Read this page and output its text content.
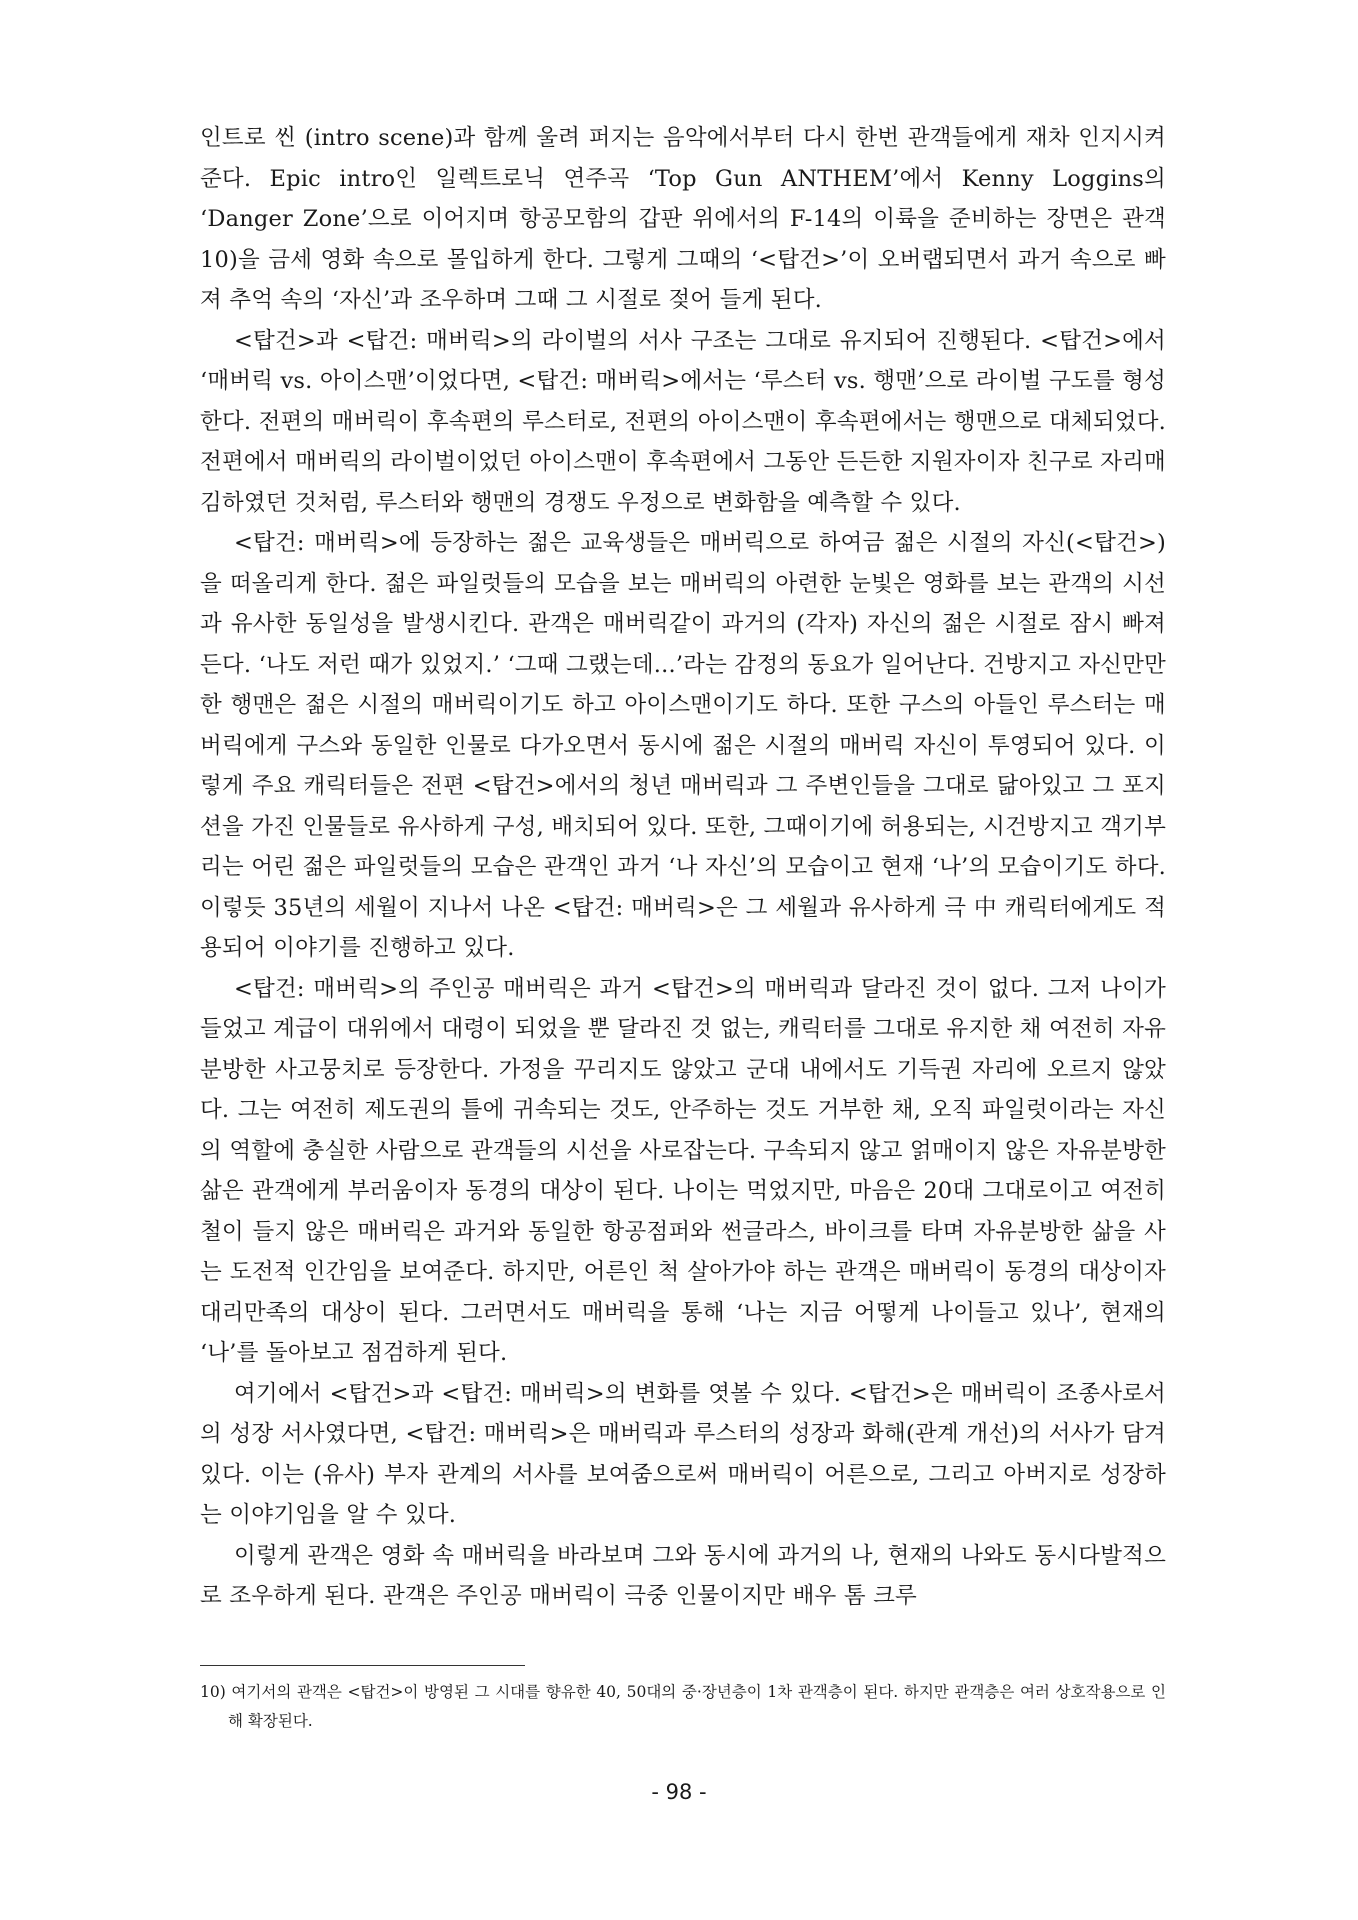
인트로 씬 (intro scene)과 함께 울려 퍼지는 음악에서부터 다시 한번 관객들에게 재차 인지시켜준다. Epic intro인 일렉트로닉 연주곡 ‘Top Gun ANTHEM’에서 Kenny Loggins의 ‘Danger Zone’으로 이어지며 항공모함의 갑판 위에서의 F-14의 이륙을 준비하는 장면은 관객10)을 금세 영화 속으로 몰입하게 한다. 그렇게 그때의 ‘<탑건>’이 오버랩되면서 과거 속으로 빠져 추억 속의 ‘자신’과 조우하며 그때 그 시절로 젖어 들게 된다.

<탑건>과 <탑건: 매버릭>의 라이벌의 서사 구조는 그대로 유지되어 진행된다. <탑건>에서 ‘매버릭 vs. 아이스맨’이었다면, <탑건: 매버릭>에서는 ‘루스터 vs. 행맨’으로 라이벌 구도를 형성한다. 전편의 매버릭이 후속편의 루스터로, 전편의 아이스맨이 후속편에서는 행맨으로 대체되었다. 전편에서 매버릭의 라이벌이었던 아이스맨이 후속편에서 그동안 든든한 지원자이자 친구로 자리매김하였던 것처럼, 루스터와 행맨의 경쟁도 우정으로 변화함을 예측할 수 있다.

<탑건: 매버릭>에 등장하는 젊은 교육생들은 매버릭으로 하여금 젊은 시절의 자신(<탑건>)을 떠올리게 한다. 젊은 파일럿들의 모습을 보는 매버릭의 아련한 눈빛은 영화를 보는 관객의 시선과 유사한 동일성을 발생시킨다. 관객은 매버릭같이 과거의 (각자) 자신의 젊은 시절로 잠시 빠져든다. ‘나도 저런 때가 있었지.’ ‘그때 그랬는데...’라는 감정의 동요가 일어난다. 건방지고 자신만만한 행맨은 젊은 시절의 매버릭이기도 하고 아이스맨이기도 하다. 또한 구스의 아들인 루스터는 매버릭에게 구스와 동일한 인물로 다가오면서 동시에 젊은 시절의 매버릭 자신이 투영되어 있다. 이렇게 주요 캐릭터들은 전편 <탑건>에서의 청년 매버릭과 그 주변인들을 그대로 닮아있고 그 포지션을 가진 인물들로 유사하게 구성, 배치되어 있다. 또한, 그때이기에 허용되는, 시건방지고 객기부리는 어린 젊은 파일럿들의 모습은 관객인 과거 ‘나 자신’의 모습이고 현재 ‘나’의 모습이기도 하다. 이렇듯 35년의 세월이 지나서 나온 <탑건: 매버릭>은 그 세월과 유사하게 극 中 캐릭터에게도 적용되어 이야기를 진행하고 있다.

<탑건: 매버릭>의 주인공 매버릭은 과거 <탑건>의 매버릭과 달라진 것이 없다. 그저 나이가 들었고 계급이 대위에서 대령이 되었을 뿐 달라진 것 없는, 캐릭터를 그대로 유지한 채 여전히 자유분방한 사고뭉치로 등장한다. 가정을 꾸리지도 않았고 군대 내에서도 기득권 자리에 오르지 않았다. 그는 여전히 제도권의 틀에 귀속되는 것도, 안주하는 것도 거부한 채, 오직 파일럿이라는 자신의 역할에 충실한 사람으로 관객들의 시선을 사로잡는다. 구속되지 않고 얽매이지 않은 자유분방한 삶은 관객에게 부러움이자 동경의 대상이 된다. 나이는 먹었지만, 마음은 20대 그대로이고 여전히 철이 들지 않은 매버릭은 과거와 동일한 항공점퍼와 썬글라스, 바이크를 타며 자유분방한 삶을 사는 도전적 인간임을 보여준다. 하지만, 어른인 척 살아가야 하는 관객은 매버릭이 동경의 대상이자 대리만족의 대상이 된다. 그러면서도 매버릭을 통해 ‘나는 지금 어떻게 나이들고 있나’, 현재의 ‘나’를 돌아보고 점검하게 된다.

여기에서 <탑건>과 <탑건: 매버릭>의 변화를 엿볼 수 있다. <탑건>은 매버릭이 조종사로서의 성장 서사였다면, <탑건: 매버릭>은 매버릭과 루스터의 성장과 화해(관계 개선)의 서사가 담겨있다. 이는 (유사) 부자 관계의 서사를 보여줌으로써 매버릭이 어른으로, 그리고 아버지로 성장하는 이야기임을 알 수 있다.

이렇게 관객은 영화 속 매버릭을 바라보며 그와 동시에 과거의 나, 현재의 나와도 동시다발적으로 조우하게 된다. 관객은 주인공 매버릭이 극중 인물이지만 배우 톰 크루

10) 여기서의 관객은 <탑건>이 방영된 그 시대를 향유한 40, 50대의 중·장년층이 1차 관객층이 된다. 하지만 관객층은 여러 상호작용으로 인해 확장된다.

- 98 -
